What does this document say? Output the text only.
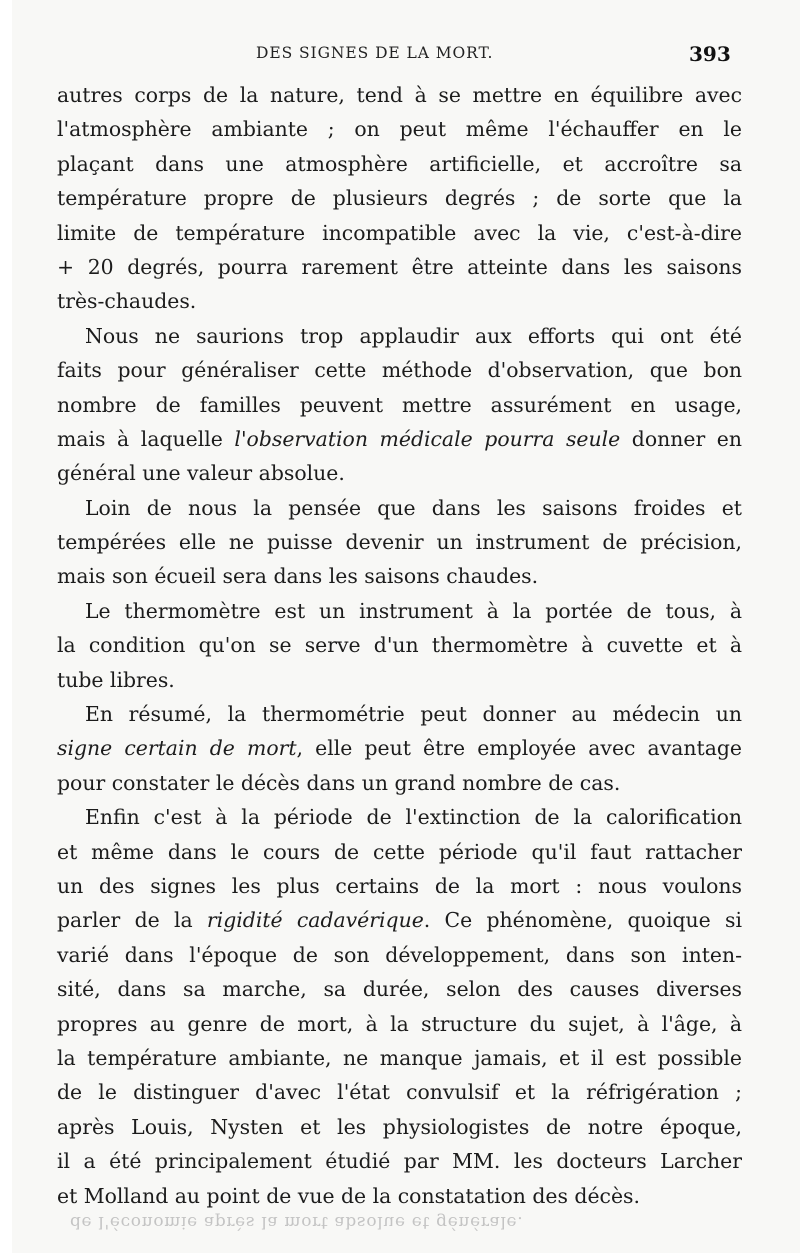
DES SIGNES DE LA MORT.	393
autres corps de la nature, tend à se mettre en équilibre avec
l'atmosphère ambiante ; on peut même l'échauffer en le
plaçant dans une atmosphère artificielle, et accroître sa
température propre de plusieurs degrés ; de sorte que la
limite de température incompatible avec la vie, c'est-à-dire
+ 20 degrés, pourra rarement être atteinte dans les saisons
très-chaudes.
Nous ne saurions trop applaudir aux efforts qui ont été
faits pour généraliser cette méthode d'observation, que bon
nombre de familles peuvent mettre assurément en usage,
mais à laquelle l'observation médicale pourra seule donner en
général une valeur absolue.
Loin de nous la pensée que dans les saisons froides et
tempérées elle ne puisse devenir un instrument de précision,
mais son écueil sera dans les saisons chaudes.
Le thermomètre est un instrument à la portée de tous, à
la condition qu'on se serve d'un thermomètre à cuvette et à
tube libres.
En résumé, la thermométrie peut donner au médecin un
signe certain de mort, elle peut être employée avec avantage
pour constater le décès dans un grand nombre de cas.
Enfin c'est à la période de l'extinction de la calorification
et même dans le cours de cette période qu'il faut rattacher
un des signes les plus certains de la mort : nous voulons
parler de la rigidité cadavérique. Ce phénomène, quoique si
varié dans l'époque de son développement, dans son inten-
sité, dans sa marche, sa durée, selon des causes diverses
propres au genre de mort, à la structure du sujet, à l'âge, à
la température ambiante, ne manque jamais, et il est possible
de le distinguer d'avec l'état convulsif et la réfrigération ;
après Louis, Nysten et les physiologistes de notre époque,
il a été principalement étudié par MM. les docteurs Larcher
et Molland au point de vue de la constatation des décès.
de l'économie après la mort absolue et générale.
